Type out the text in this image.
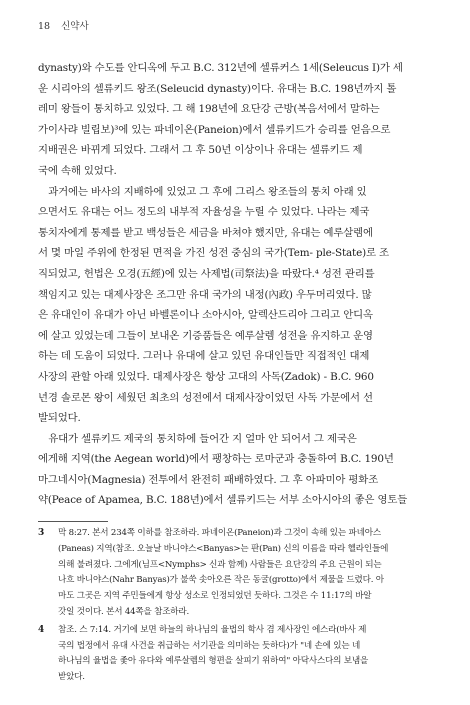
18 신약사
dynasty)와 수도를 안디옥에 두고 B.C. 312년에 셀류커스 1세(Seleucus I)가 세
운 시리아의 셀류키드 왕조(Seleucid dynasty)이다. 유대는 B.C. 198년까지 톨
레미 왕들이 통치하고 있었다. 그 해 198년에 요단강 근방(복음서에서 말하는
가이사랴 빌립보)³에 있는 파네이온(Paneion)에서 셀류키드가 승리를 얻음으로
지배권은 바뀌게 되었다. 그래서 그 후 50년 이상이나 유대는 셀류키드 제
국에 속해 있었다.
　과거에는 바사의 지배하에 있었고 그 후에 그리스 왕조들의 통치 아래 있
으면서도 유대는 어느 정도의 내부적 자율성을 누릴 수 있었다. 나라는 제국
통치자에게 통제를 받고 백성들은 세금을 바쳐야 했지만, 유대는 예루살렘에
서 몇 마일 주위에 한정된 면적을 가진 성전 중심의 국가(Tem- ple-State)로 조
직되었고, 헌법은 오경(五經)에 있는 사제법(司祭法)을 따랐다.⁴ 성전 관리를
책임지고 있는 대제사장은 조그만 유대 국가의 내정(內政) 우두머리였다. 많
은 유대인이 유대가 아닌 바벨론이나 소아시아, 알렉산드리아 그리고 안디옥
에 살고 있었는데 그들이 보내온 기증품들은 예루살렘 성전을 유지하고 운영
하는 데 도움이 되었다. 그러나 유대에 살고 있던 유대인들만 직접적인 대제
사장의 관할 아래 있었다. 대제사장은 항상 고대의 사독(Zadok) - B.C. 960
년경 솔로몬 왕이 세웠던 최초의 성전에서 대제사장이었던 사독 가문에서 선
발되었다.
　유대가 셀류키드 제국의 통치하에 들어간 지 얼마 안 되어서 그 제국은
에게해 지역(the Aegean world)에서 팽창하는 로마군과 충돌하여 B.C. 190년
마그네시아(Magnesia) 전투에서 완전히 패배하였다. 그 후 아파미아 평화조
약(Peace of Apamea, B.C. 188년)에서 셀류키드는 서부 소아시아의 좋은 영토들
3 막 8:27. 본서 234쪽 이하를 참조하라. 파네이온(Paneion)과 그것이 속해 있는 파네아스
(Paneas) 지역(참조. 오늘날 바니야스<Banyas>는 판(Pan) 신의 이름을 따라 헬라인들에
의해 불려졌다. 그에게(님프<Nymphs> 신과 함께) 사람들은 요단강의 주요 근원이 되는
나흐 바니야스(Nahr Banyas)가 불쑥 솟아오른 작은 동굴(grotto)에서 제물을 드렸다. 아
마도 그곳은 지역 주민들에게 항상 성소로 인정되었던 듯하다. 그것은 수 11:17의 바알
갓일 것이다. 본서 44쪽을 참조하라.
4 참조. 스 7:14. 거기에 보면 하늘의 하나님의 율법의 학사 겸 제사장인 에스라(바사 제
국의 법정에서 유대 사건을 취급하는 서기관을 의미하는 듯하다)가 "네 손에 있는 네
하나님의 율법을 좇아 유다와 예루살렘의 형편을 살피기 위하여" 아닥사스다의 보냄을
받았다.
